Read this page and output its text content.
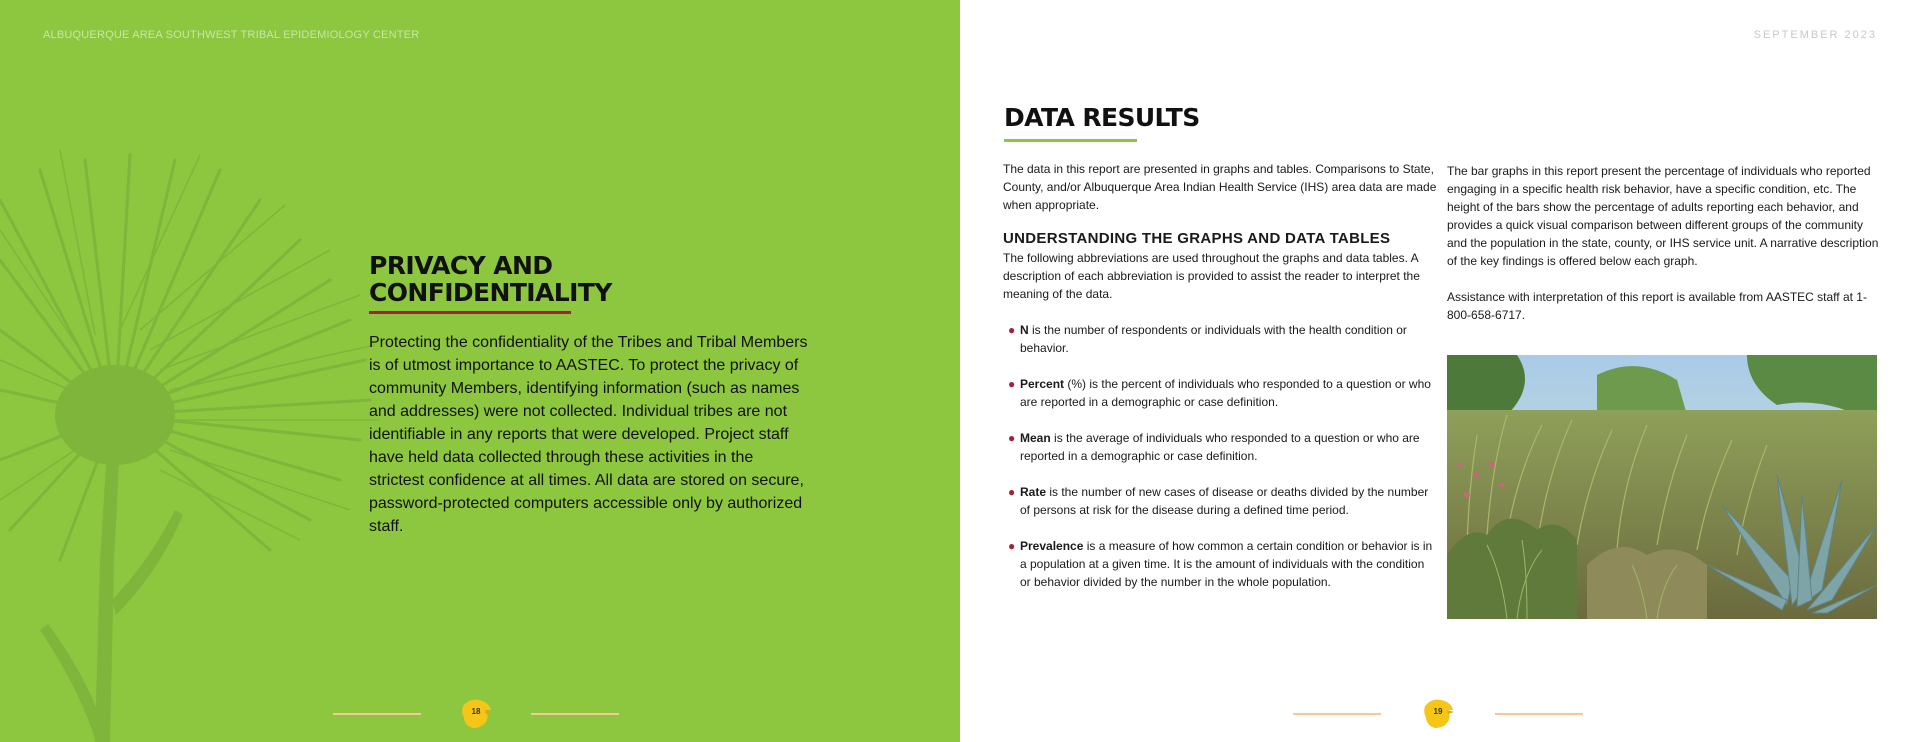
ALBUQUERQUE AREA SOUTHWEST TRIBAL EPIDEMIOLOGY CENTER
PRIVACY AND CONFIDENTIALITY

Protecting the confidentiality of the Tribes and Tribal Members is of utmost importance to AASTEC. To protect the privacy of community Members, identifying information (such as names and addresses) were not collected. Individual tribes are not identifiable in any reports that were developed. Project staff have held data collected through these activities in the strictest confidence at all times. All data are stored on secure, password-protected computers accessible only by authorized staff.

18
SEPTEMBER 2023
DATA RESULTS

The data in this report are presented in graphs and tables. Comparisons to State, County, and/or Albuquerque Area Indian Health Service (IHS) area data are made when appropriate.

UNDERSTANDING THE GRAPHS AND DATA TABLES

The following abbreviations are used throughout the graphs and data tables. A description of each abbreviation is provided to assist the reader to interpret the meaning of the data.

● N is the number of respondents or individuals with the health condition or behavior.
● Percent (%) is the percent of individuals who responded to a question or who are reported in a demographic or case definition.
● Mean is the average of individuals who responded to a question or who are reported in a demographic or case definition.
● Rate is the number of new cases of disease or deaths divided by the number of persons at risk for the disease during a defined time period.
● Prevalence is a measure of how common a certain condition or behavior is in a population at a given time. It is the amount of individuals with the condition or behavior divided by the number in the whole population.

The bar graphs in this report present the percentage of individuals who reported engaging in a specific health risk behavior, have a specific condition, etc. The height of the bars show the percentage of adults reporting each behavior, and provides a quick visual comparison between different groups of the community and the population in the state, county, or IHS service unit. A narrative description of the key findings is offered below each graph.

Assistance with interpretation of this report is available from AASTEC staff at 1-800-658-6717.

19
